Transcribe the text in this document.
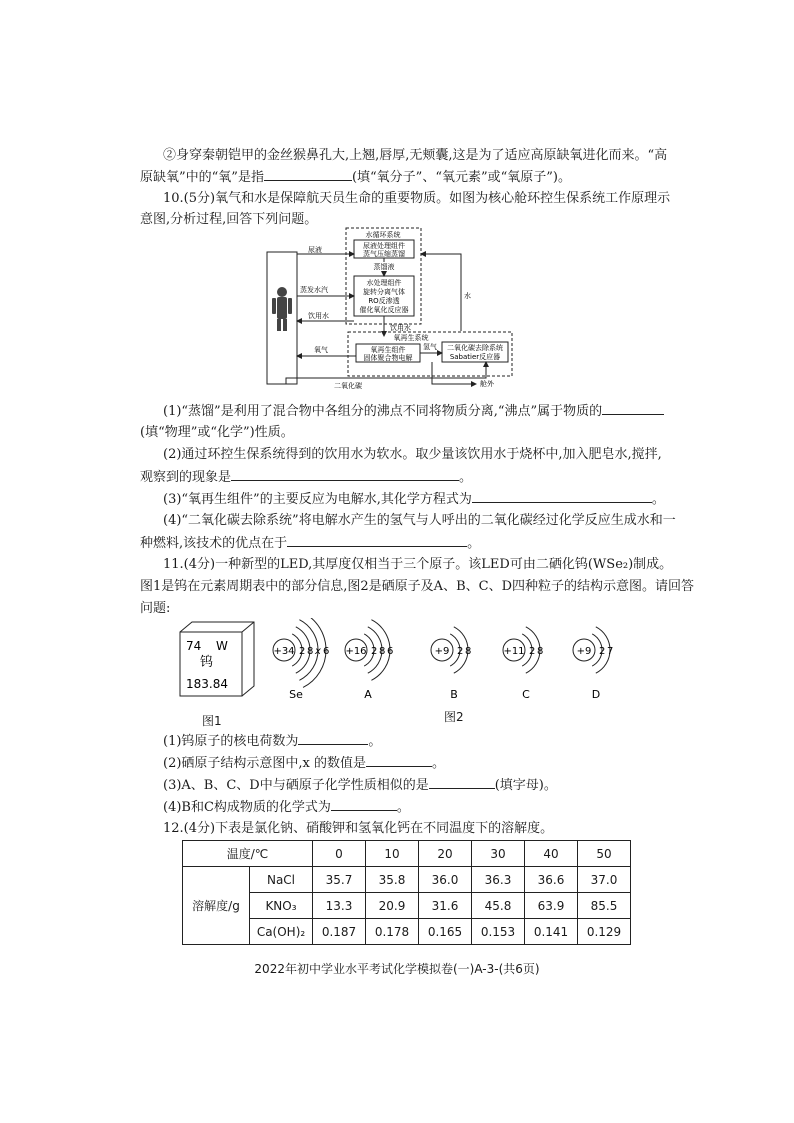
②身穿秦朝铠甲的金丝猴鼻孔大,上翘,唇厚,无颊囊,这是为了适应高原缺氧进化而来。“高
原缺氧”中的“氧”是指	(填“氧分子”、“氧元素”或“氧原子”)。
10.(5分)氧气和水是保障航天员生命的重要物质。如图为核心舱环控生保系统工作原理示
意图,分析过程,回答下列问题。
水循环系统
尿液处理组件
蒸气压缩蒸馏
蒸馏液
水处理组件
旋转分离气体
RO反渗透
催化氧化反应器
尿液
蒸发水汽
饮用水
饮用水
水
氧再生系统
氧再生组件
固体聚合物电解
二氧化碳去除系统
Sabatier反应器
氢气
氧气
二氧化碳	舱外
(1)“蒸馏”是利用了混合物中各组分的沸点不同将物质分离,“沸点”属于物质的
(填“物理”或“化学”)性质。
(2)通过环控生保系统得到的饮用水为软水。取少量该饮用水于烧杯中,加入肥皂水,搅拌,
观察到的现象是	。
(3)“氧再生组件”的主要反应为电解水,其化学方程式为	。
(4)“二氧化碳去除系统”将电解水产生的氢气与人呼出的二氧化碳经过化学反应生成水和一
种燃料,该技术的优点在于	。
11.(4分)一种新型的LED,其厚度仅相当于三个原子。该LED可由二硒化钨(WSe₂)制成。
图1是钨在元素周期表中的部分信息,图2是硒原子及A、B、C、D四种粒子的结构示意图。请回答
问题:
74 W
钨
183.84
+34 2 8 x 6
Se
+16 2 8 6
A
+9 2 8
B
+11 2 8
C
+9 2 7
D
图1	图2
(1)钨原子的核电荷数为	。
(2)硒原子结构示意图中,x 的数值是	。
(3)A、B、C、D中与硒原子化学性质相似的是	(填字母)。
(4)B和C构成物质的化学式为	。
12.(4分)下表是氯化钠、硝酸钾和氢氧化钙在不同温度下的溶解度。
温度/℃		0	10	20	30	40	50
溶解度/g	NaCl	35.7	35.8	36.0	36.3	36.6	37.0
	KNO₃	13.3	20.9	31.6	45.8	63.9	85.5
	Ca(OH)₂	0.187	0.178	0.165	0.153	0.141	0.129
2022年初中学业水平考试化学模拟卷(一)A-3-(共6页)
